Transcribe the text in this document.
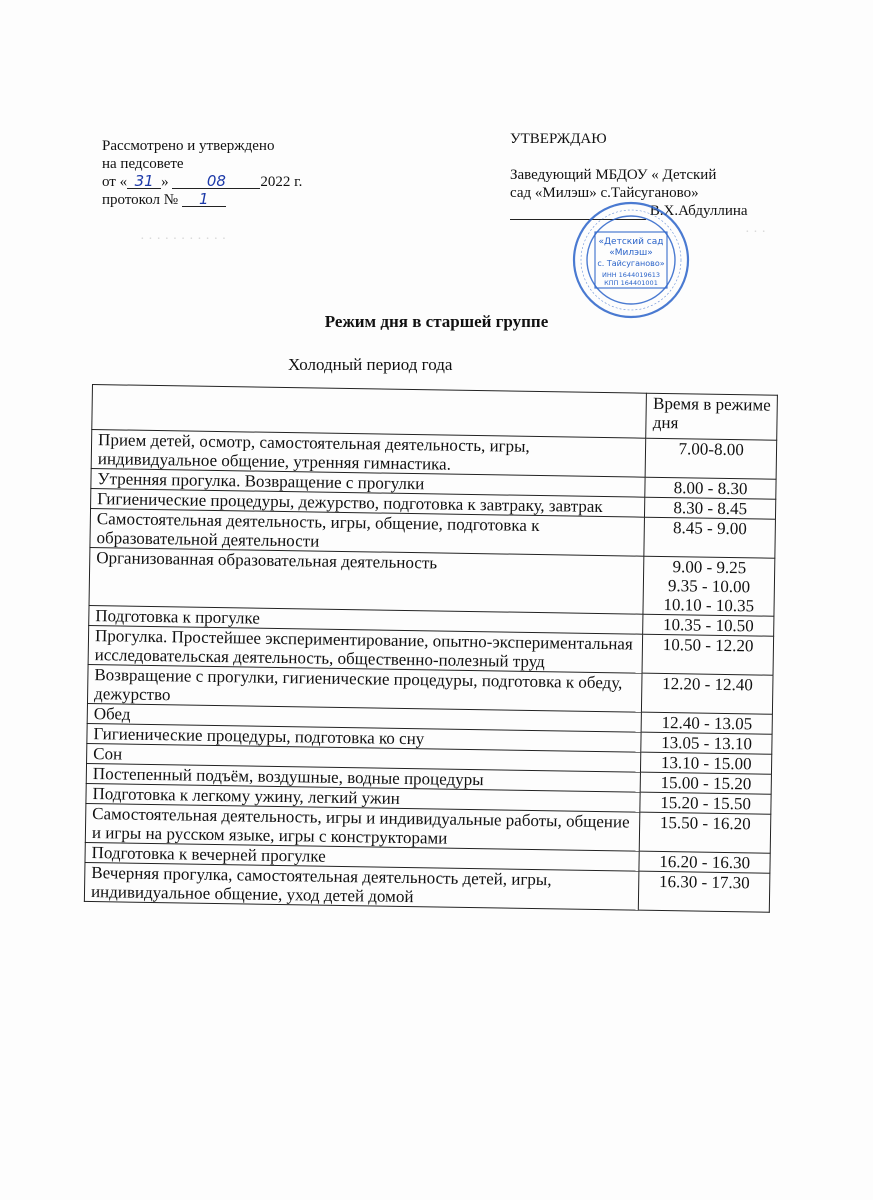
· · · · · · · · · · ·	· · ·
Рассмотрено и утверждено
на педсовете
от « 31 »	08 2022 г.
протокол № 1
УТВЕРЖДАЮ
Заведующий МБДОУ « Детский
сад «Милэш» с.Тайсуганово»
В.Х.Абдуллина
«Детский сад
«Милэш»
с. Тайсуганово»
ИНН 1644019613
КПП 164401001
Режим дня в старшей группе
Холодный период года
	Время в режиме дня
Прием детей, осмотр, самостоятельная деятельность, игры, индивидуальное общение, утренняя гимнастика.	7.00-8.00

Утренняя прогулка. Возвращение с прогулки	8.00 - 8.30

Гигиенические процедуры, дежурство, подготовка к завтраку, завтрак	8.30 - 8.45

Самостоятельная деятельность, игры, общение, подготовка к образовательной деятельности	8.45 - 9.00

Организованная образовательная деятельность	9.00 - 9.25
9.35 - 10.00
10.10 - 10.35

Подготовка к прогулке	10.35 - 10.50

Прогулка. Простейшее экспериментирование, опытно-экспериментальная исследовательская деятельность, общественно-полезный труд	10.50 - 12.20

Возвращение с прогулки, гигиенические процедуры, подготовка к обеду, дежурство	12.20 - 12.40

Обед	12.40 - 13.05

Гигиенические процедуры, подготовка ко сну	13.05 - 13.10

Сон	13.10 - 15.00

Постепенный подъём, воздушные, водные процедуры	15.00 - 15.20

Подготовка к легкому ужину, легкий ужин	15.20 - 15.50

Самостоятельная деятельность, игры и индивидуальные работы, общение и игры на русском языке, игры с конструкторами	15.50 - 16.20

Подготовка к вечерней прогулке	16.20 - 16.30

Вечерняя прогулка, самостоятельная деятельность детей, игры, индивидуальное общение, уход детей домой	16.30 - 17.30
